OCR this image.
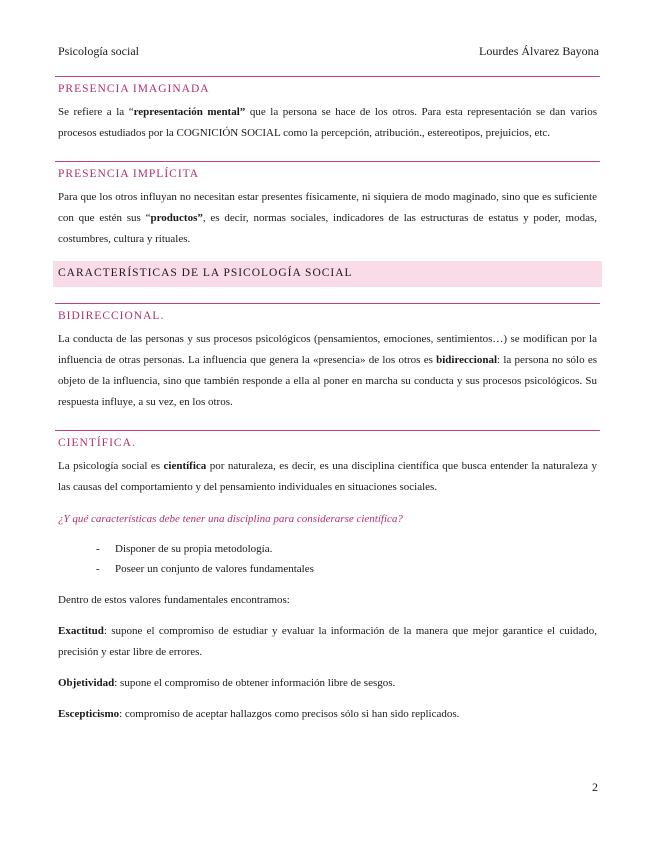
Psicología social	Lourdes Álvarez Bayona
PRESENCIA IMAGINADA

Se refiere a la “representación mental” que la persona se hace de los otros. Para esta representación se dan varios procesos estudiados por la COGNICIÓN SOCIAL como la percepción, atribución., estereotipos, prejuicios, etc.

PRESENCIA IMPLÍCITA

Para que los otros influyan no necesitan estar presentes físicamente, ni siquiera de modo maginado, sino que es suficiente con que estén sus “productos”, es decir, normas sociales, indicadores de las estructuras de estatus y poder, modas, costumbres, cultura y rituales.

CARACTERÍSTICAS DE LA PSICOLOGÍA SOCIAL
BIDIRECCIONAL.

La conducta de las personas y sus procesos psicológicos (pensamientos, emociones, sentimientos…) se modifican por la influencia de otras personas. La influencia que genera la «presencia» de los otros es bidireccional: la persona no sólo es objeto de la influencia, sino que también responde a ella al poner en marcha su conducta y sus procesos psicológicos. Su respuesta influye, a su vez, en los otros.

CIENTÍFICA.

La psicología social es científica por naturaleza, es decir, es una disciplina científica que busca entender la naturaleza y las causas del comportamiento y del pensamiento individuales en situaciones sociales.

¿Y qué características debe tener una disciplina para considerarse científica?
- Disponer de su propia metodología.
- Poseer un conjunto de valores fundamentales

Dentro de estos valores fundamentales encontramos:

Exactitud: supone el compromiso de estudiar y evaluar la información de la manera que mejor garantice el cuidado, precisión y estar libre de errores.

Objetividad: supone el compromiso de obtener información libre de sesgos.

Escepticismo: compromiso de aceptar hallazgos como precisos sólo si han sido replicados.

2
